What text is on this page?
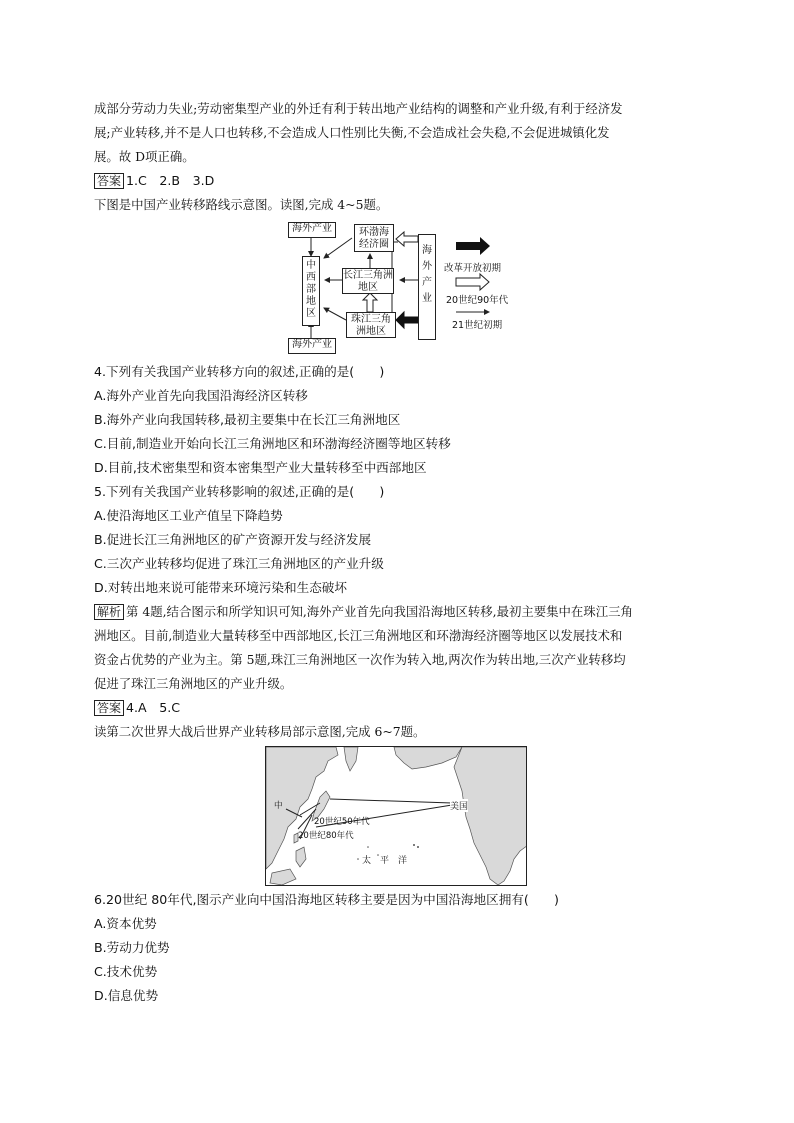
成部分劳动力失业;劳动密集型产业的外迁有利于转出地产业结构的调整和产业升级,有利于经济发
展;产业转移,并不是人口也转移,不会造成人口性别比失衡,不会造成社会失稳,不会促进城镇化发
展。故 D项正确。
答案 1.C　2.B　3.D
下图是中国产业转移路线示意图。读图,完成 4~5题。
海外产业
中西部地区
海外产业
环渤海经济圈
长江三角洲地区
珠江三角洲地区
海外产业
改革开放初期
20世纪90年代
21世纪初期
4.下列有关我国产业转移方向的叙述,正确的是(　　)
A.海外产业首先向我国沿海经济区转移
B.海外产业向我国转移,最初主要集中在长江三角洲地区
C.目前,制造业开始向长江三角洲地区和环渤海经济圈等地区转移
D.目前,技术密集型和资本密集型产业大量转移至中西部地区
5.下列有关我国产业转移影响的叙述,正确的是(　　)
A.使沿海地区工业产值呈下降趋势
B.促进长江三角洲地区的矿产资源开发与经济发展
C.三次产业转移均促进了珠江三角洲地区的产业升级
D.对转出地来说可能带来环境污染和生态破坏
解析 第 4题,结合图示和所学知识可知,海外产业首先向我国沿海地区转移,最初主要集中在珠江三角
洲地区。目前,制造业大量转移至中西部地区,长江三角洲地区和环渤海经济圈等地区以发展技术和
资金占优势的产业为主。第 5题,珠江三角洲地区一次作为转入地,两次作为转出地,三次产业转移均
促进了珠江三角洲地区的产业升级。
答案 4.A　5.C
读第二次世界大战后世界产业转移局部示意图,完成 6~7题。
美国
20世纪50年代
20世纪80年代
太　平　洋
中
6.20世纪 80年代,图示产业向中国沿海地区转移主要是因为中国沿海地区拥有(　　)
A.资本优势
B.劳动力优势
C.技术优势
D.信息优势
